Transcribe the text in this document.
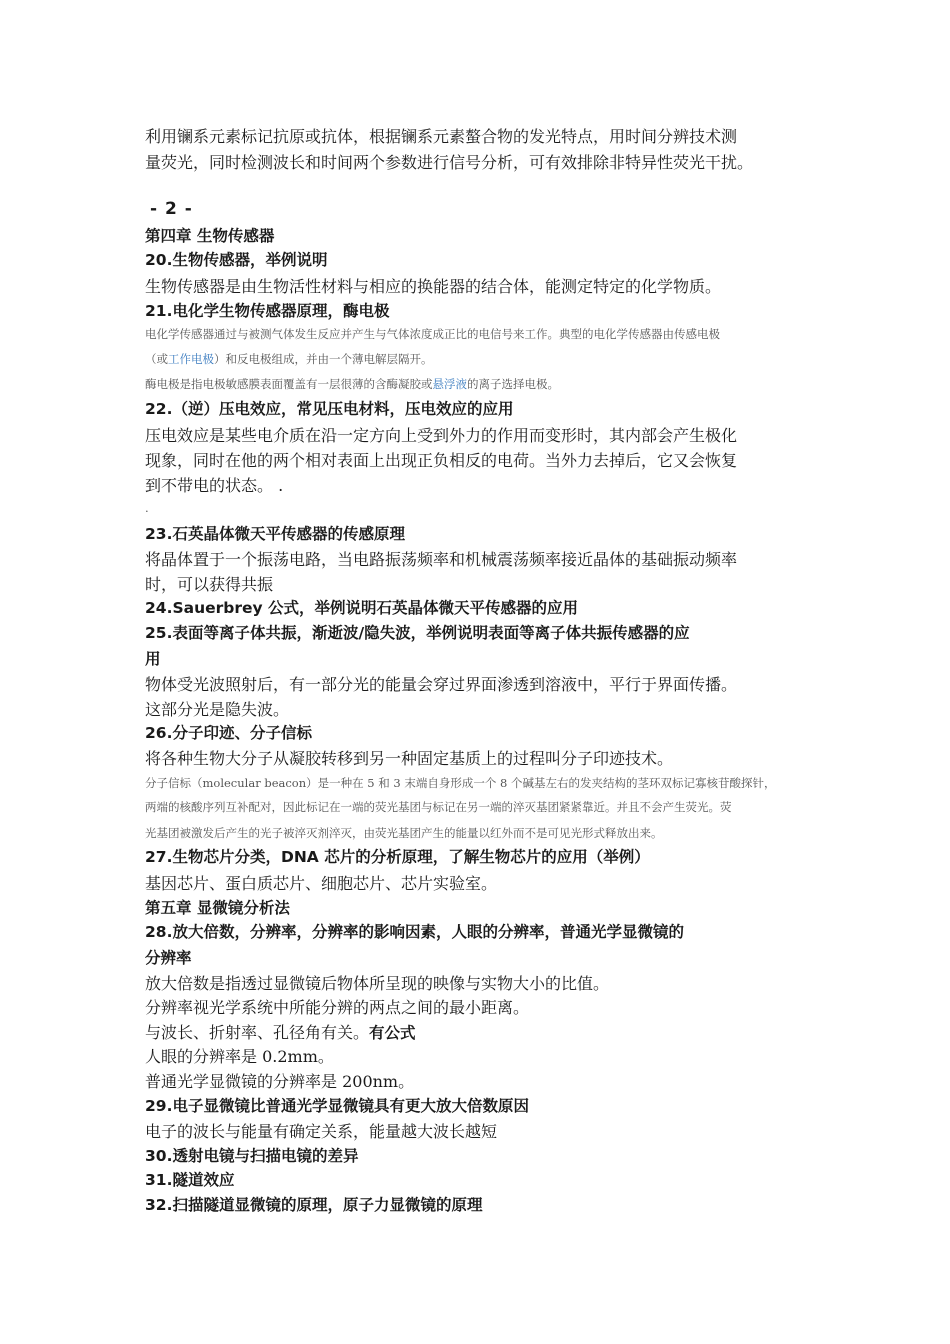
利用镧系元素标记抗原或抗体，根据镧系元素螯合物的发光特点，用时间分辨技术测
量荧光，同时检测波长和时间两个参数进行信号分析，可有效排除非特异性荧光干扰。
- 2 -
第四章 生物传感器
20.生物传感器，举例说明
生物传感器是由生物活性材料与相应的换能器的结合体，能测定特定的化学物质。
21.电化学生物传感器原理，酶电极
电化学传感器通过与被测气体发生反应并产生与气体浓度成正比的电信号来工作。典型的电化学传感器由传感电极
（或工作电极）和反电极组成，并由一个薄电解层隔开。
酶电极是指电极敏感膜表面覆盖有一层很薄的含酶凝胶或悬浮液的离子选择电极。
22.（逆）压电效应，常见压电材料，压电效应的应用
压电效应是某些电介质在沿一定方向上受到外力的作用而变形时，其内部会产生极化
现象，同时在他的两个相对表面上出现正负相反的电荷。当外力去掉后，它又会恢复
到不带电的状态。 .
.
23.石英晶体微天平传感器的传感原理
将晶体置于一个振荡电路，当电路振荡频率和机械震荡频率接近晶体的基础振动频率
时，可以获得共振
24.Sauerbrey 公式，举例说明石英晶体微天平传感器的应用
25.表面等离子体共振，渐逝波/隐失波，举例说明表面等离子体共振传感器的应
用
物体受光波照射后，有一部分光的能量会穿过界面渗透到溶液中，平行于界面传播。
这部分光是隐失波。
26.分子印迹、分子信标
将各种生物大分子从凝胶转移到另一种固定基质上的过程叫分子印迹技术。
分子信标（molecular beacon）是一种在 5 和 3 末端自身形成一个 8 个碱基左右的发夹结构的茎环双标记寡核苷酸探针，
两端的核酸序列互补配对，因此标记在一端的荧光基团与标记在另一端的淬灭基团紧紧靠近。并且不会产生荧光。荧
光基团被激发后产生的光子被淬灭剂淬灭，由荧光基团产生的能量以红外而不是可见光形式释放出来。
27.生物芯片分类，DNA 芯片的分析原理，了解生物芯片的应用（举例）
基因芯片、蛋白质芯片、细胞芯片、芯片实验室。
第五章 显微镜分析法
28.放大倍数，分辨率，分辨率的影响因素，人眼的分辨率，普通光学显微镜的
分辨率
放大倍数是指透过显微镜后物体所呈现的映像与实物大小的比值。
分辨率视光学系统中所能分辨的两点之间的最小距离。
与波长、折射率、孔径角有关。有公式
人眼的分辨率是 0.2mm。
普通光学显微镜的分辨率是 200nm。
29.电子显微镜比普通光学显微镜具有更大放大倍数原因
电子的波长与能量有确定关系，能量越大波长越短
30.透射电镜与扫描电镜的差异
31.隧道效应
32.扫描隧道显微镜的原理，原子力显微镜的原理
